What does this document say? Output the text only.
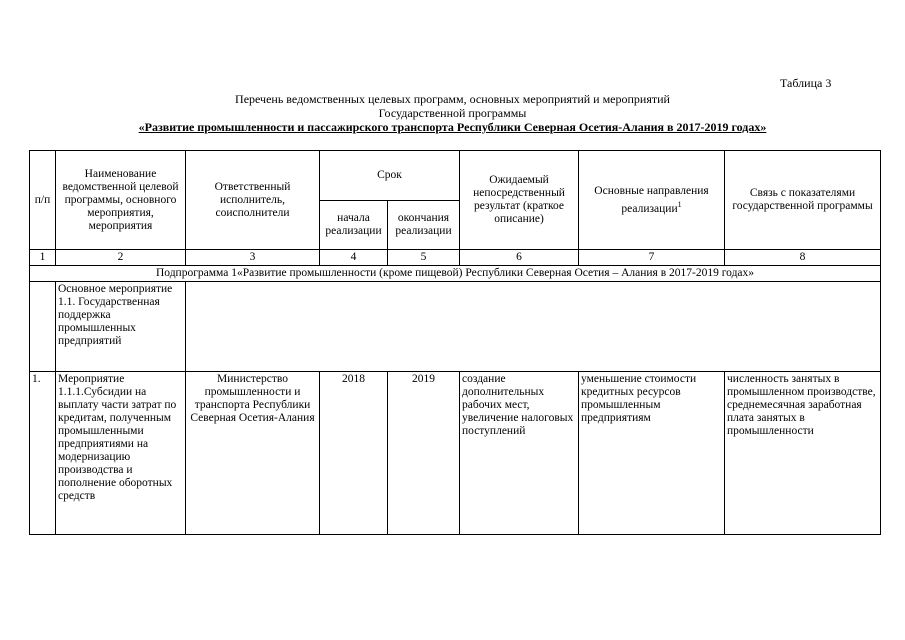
Таблица 3
Перечень ведомственных целевых программ, основных мероприятий и мероприятий
Государственной программы
«Развитие промышленности и пассажирского транспорта Республики Северная Осетия-Алания в 2017-2019 годах»
п/п	Наименование ведомственной целевой программы, основного мероприятия, мероприятия	Ответственный исполнитель, соисполнители	Срок		Ожидаемый непосредственный результат (краткое описание)	Основные направления реализации$^1$	Связь с показателями государственной программы
			начала реализации	окончания реализации			
1	2	3	4	5	6	7	8
Подпрограмма 1«Развитие промышленности (кроме пищевой) Республики Северная Осетия – Алания в 2017-2019 годах»							
	Основное мероприятие 1.1. Государственная поддержка промышленных предприятий						
1.	Мероприятие 1.1.1.Субсидии на выплату части затрат по кредитам, полученным промышленными предприятиями на модернизацию производства и пополнение оборотных средств	Министерство промышленности и транспорта Республики Северная Осетия-Алания	2018	2019	создание дополнительных рабочих мест, увеличение налоговых поступлений	уменьшение стоимости кредитных ресурсов промышленным предприятиям	численность занятых в промышленном производстве, среднемесячная заработная плата занятых в промышленности
